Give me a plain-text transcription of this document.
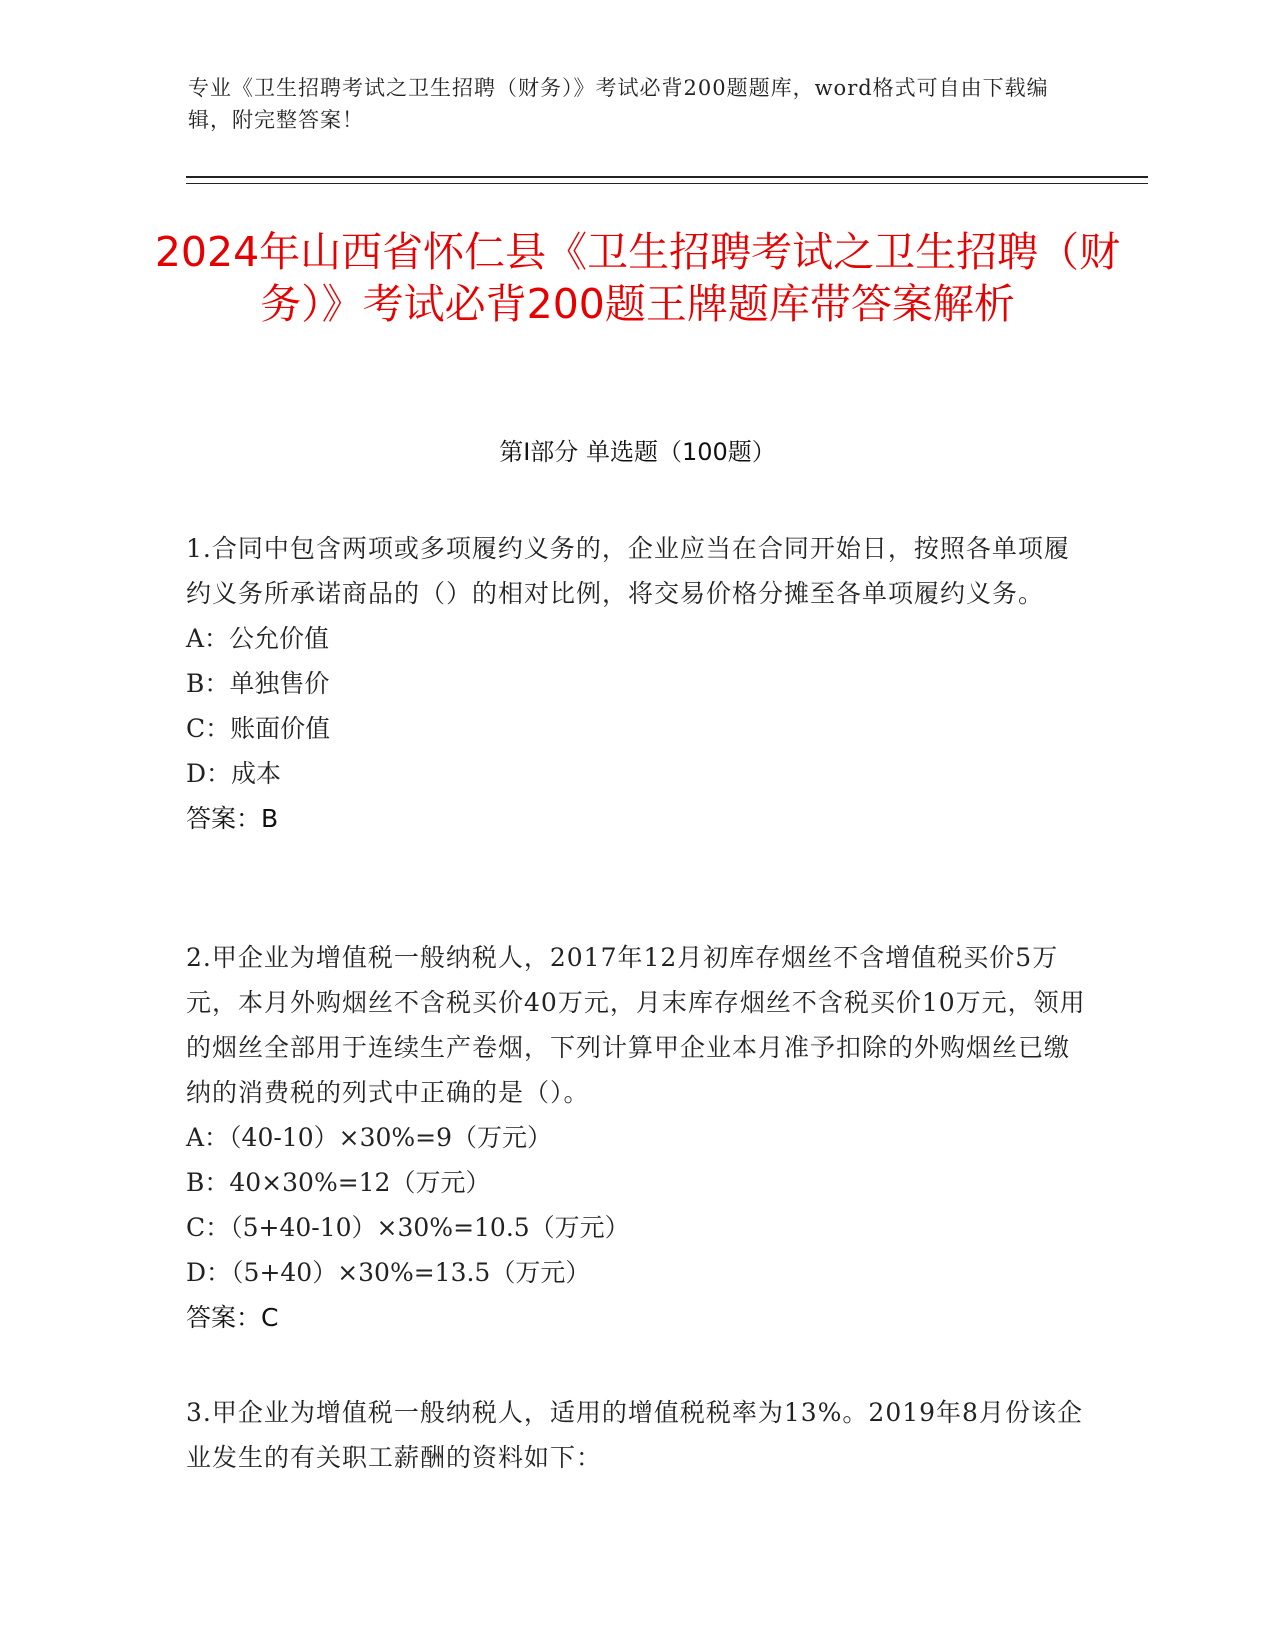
专业《卫生招聘考试之卫生招聘（财务）》考试必背200题题库，word格式可自由下载编辑，附完整答案！
2024年山西省怀仁县《卫生招聘考试之卫生招聘（财务）》考试必背200题王牌题库带答案解析
第I部分 单选题（100题）
1.合同中包含两项或多项履约义务的，企业应当在合同开始日，按照各单项履约义务所承诺商品的（）的相对比例，将交易价格分摊至各单项履约义务。
A：公允价值
B：单独售价
C：账面价值
D：成本
答案：B
2.甲企业为增值税一般纳税人，2017年12月初库存烟丝不含增值税买价5万元，本月外购烟丝不含税买价40万元，月末库存烟丝不含税买价10万元，领用的烟丝全部用于连续生产卷烟，下列计算甲企业本月准予扣除的外购烟丝已缴纳的消费税的列式中正确的是（）。
A：（40-10）×30%=9（万元）
B：40×30%=12（万元）
C：（5+40-10）×30%=10.5（万元）
D：（5+40）×30%=13.5（万元）
答案：C
3.甲企业为增值税一般纳税人，适用的增值税税率为13%。2019年8月份该企业发生的有关职工薪酬的资料如下：
